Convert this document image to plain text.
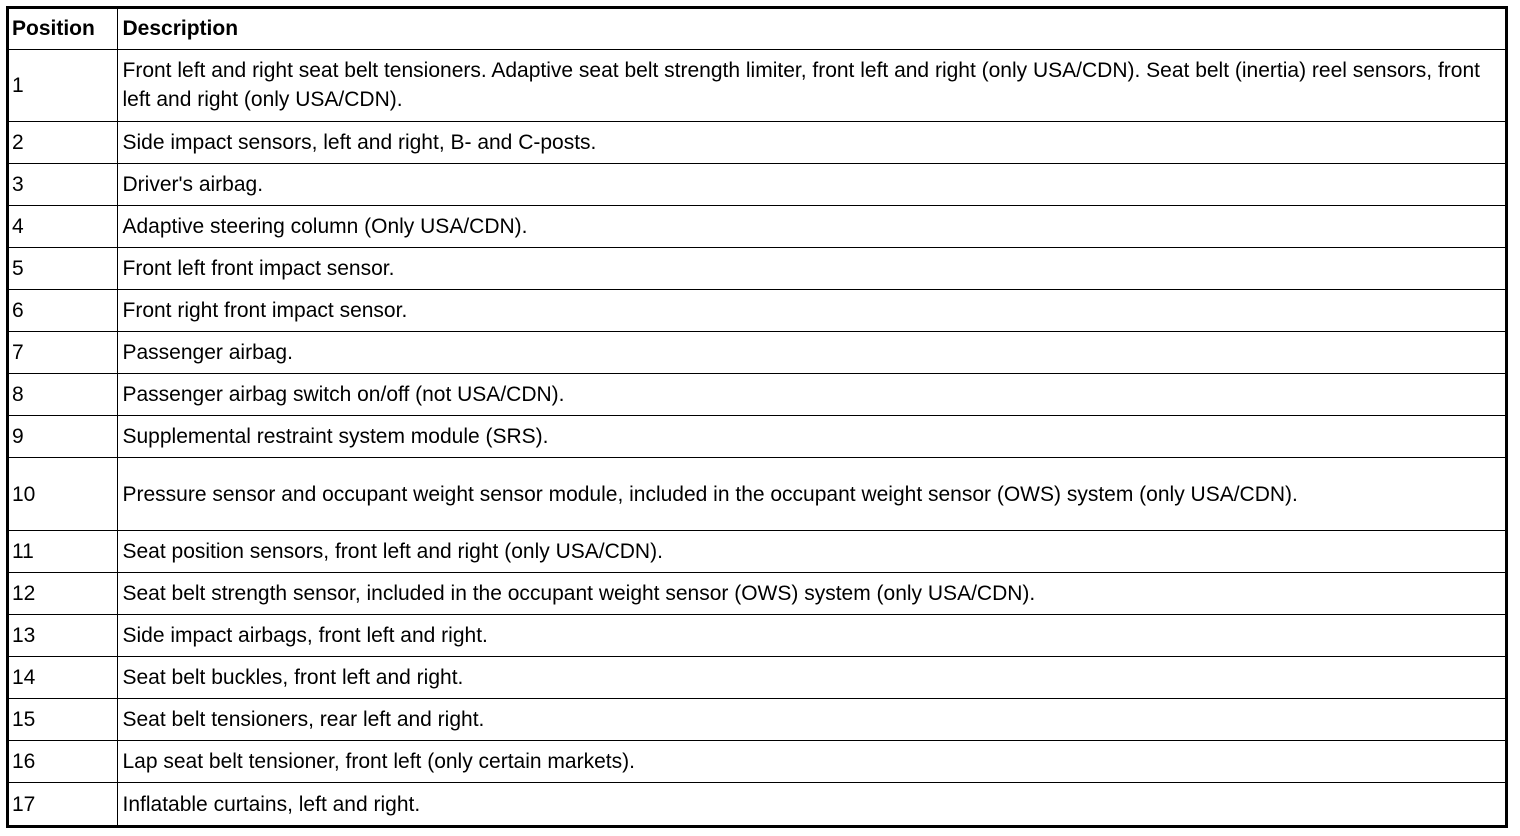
Position	Description
1	Front left and right seat belt tensioners. Adaptive seat belt strength limiter, front left and right (only USA/CDN). Seat belt (inertia) reel sensors, front left and right (only USA/CDN).
2	Side impact sensors, left and right, B- and C-posts.
3	Driver's airbag.
4	Adaptive steering column (Only USA/CDN).
5	Front left front impact sensor.
6	Front right front impact sensor.
7	Passenger airbag.
8	Passenger airbag switch on/off (not USA/CDN).
9	Supplemental restraint system module (SRS).
10	Pressure sensor and occupant weight sensor module, included in the occupant weight sensor (OWS) system (only USA/CDN).
11	Seat position sensors, front left and right (only USA/CDN).
12	Seat belt strength sensor, included in the occupant weight sensor (OWS) system (only USA/CDN).
13	Side impact airbags, front left and right.
14	Seat belt buckles, front left and right.
15	Seat belt tensioners, rear left and right.
16	Lap seat belt tensioner, front left (only certain markets).
17	Inflatable curtains, left and right.
